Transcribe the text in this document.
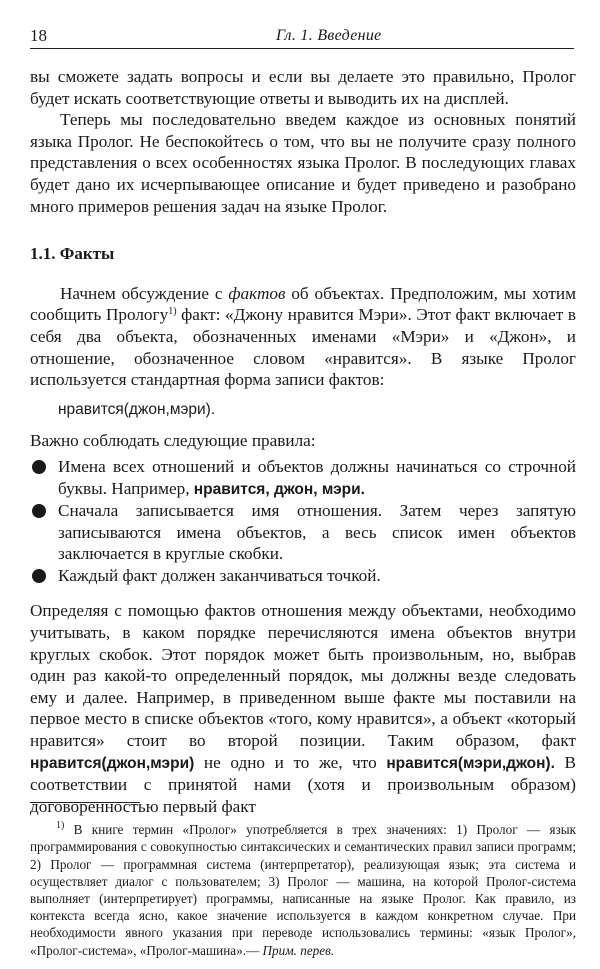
18	Гл. 1. Введение

вы сможете задать вопросы и если вы делаете это правильно, Пролог будет искать соответствующие ответы и выводить их на дисплей.

Теперь мы последовательно введем каждое из основных понятий языка Пролог. Не беспокойтесь о том, что вы не получите сразу полного представления о всех особенностях языка Пролог. В последующих главах будет дано их исчерпывающее описание и будет приведено и разобрано много примеров решения задач на языке Пролог.

1.1. Факты

Начнем обсуждение с фактов об объектах. Предположим, мы хотим сообщить Прологу$^{1)}$ факт: «Джону нравится Мэри». Этот факт включает в себя два объекта, обозначенных именами «Мэри» и «Джон», и отношение, обозначенное словом «нравится». В языке Пролог используется стандартная форма записи фактов:

нравится(джон,мэри).

Важно соблюдать следующие правила:

Имена всех отношений и объектов должны начинаться со строчной буквы. Например, нравится, джон, мэри.
Сначала записывается имя отношения. Затем через запятую записываются имена объектов, а весь список имен объектов заключается в круглые скобки.
Каждый факт должен заканчиваться точкой.

Определяя с помощью фактов отношения между объектами, необходимо учитывать, в каком порядке перечисляются имена объектов внутри круглых скобок. Этот порядок может быть произвольным, но, выбрав один раз какой-то определенный порядок, мы должны везде следовать ему и далее. Например, в приведенном выше факте мы поставили на первое место в списке объектов «того, кому нравится», а объект «который нравится» стоит во второй позиции. Таким образом, факт нравится(джон,мэри) не одно и то же, что нравится(мэри,джон). В соответствии с принятой нами (хотя и произвольным образом) договоренностью первый факт

$^{1)}$ В книге термин «Пролог» употребляется в трех значениях: 1) Пролог — язык программирования с совокупностью синтаксических и семантических правил записи программ; 2) Пролог — программная система (интерпретатор), реализующая язык; эта система и осуществляет диалог с пользователем; 3) Пролог — машина, на которой Пролог-система выполняет (интерпретирует) программы, написанные на языке Пролог. Как правило, из контекста всегда ясно, какое значение используется в каждом конкретном случае. При необходимости явного указания при переводе использовались термины: «язык Пролог», «Пролог-система», «Пролог-машина».— Прим. перев.
